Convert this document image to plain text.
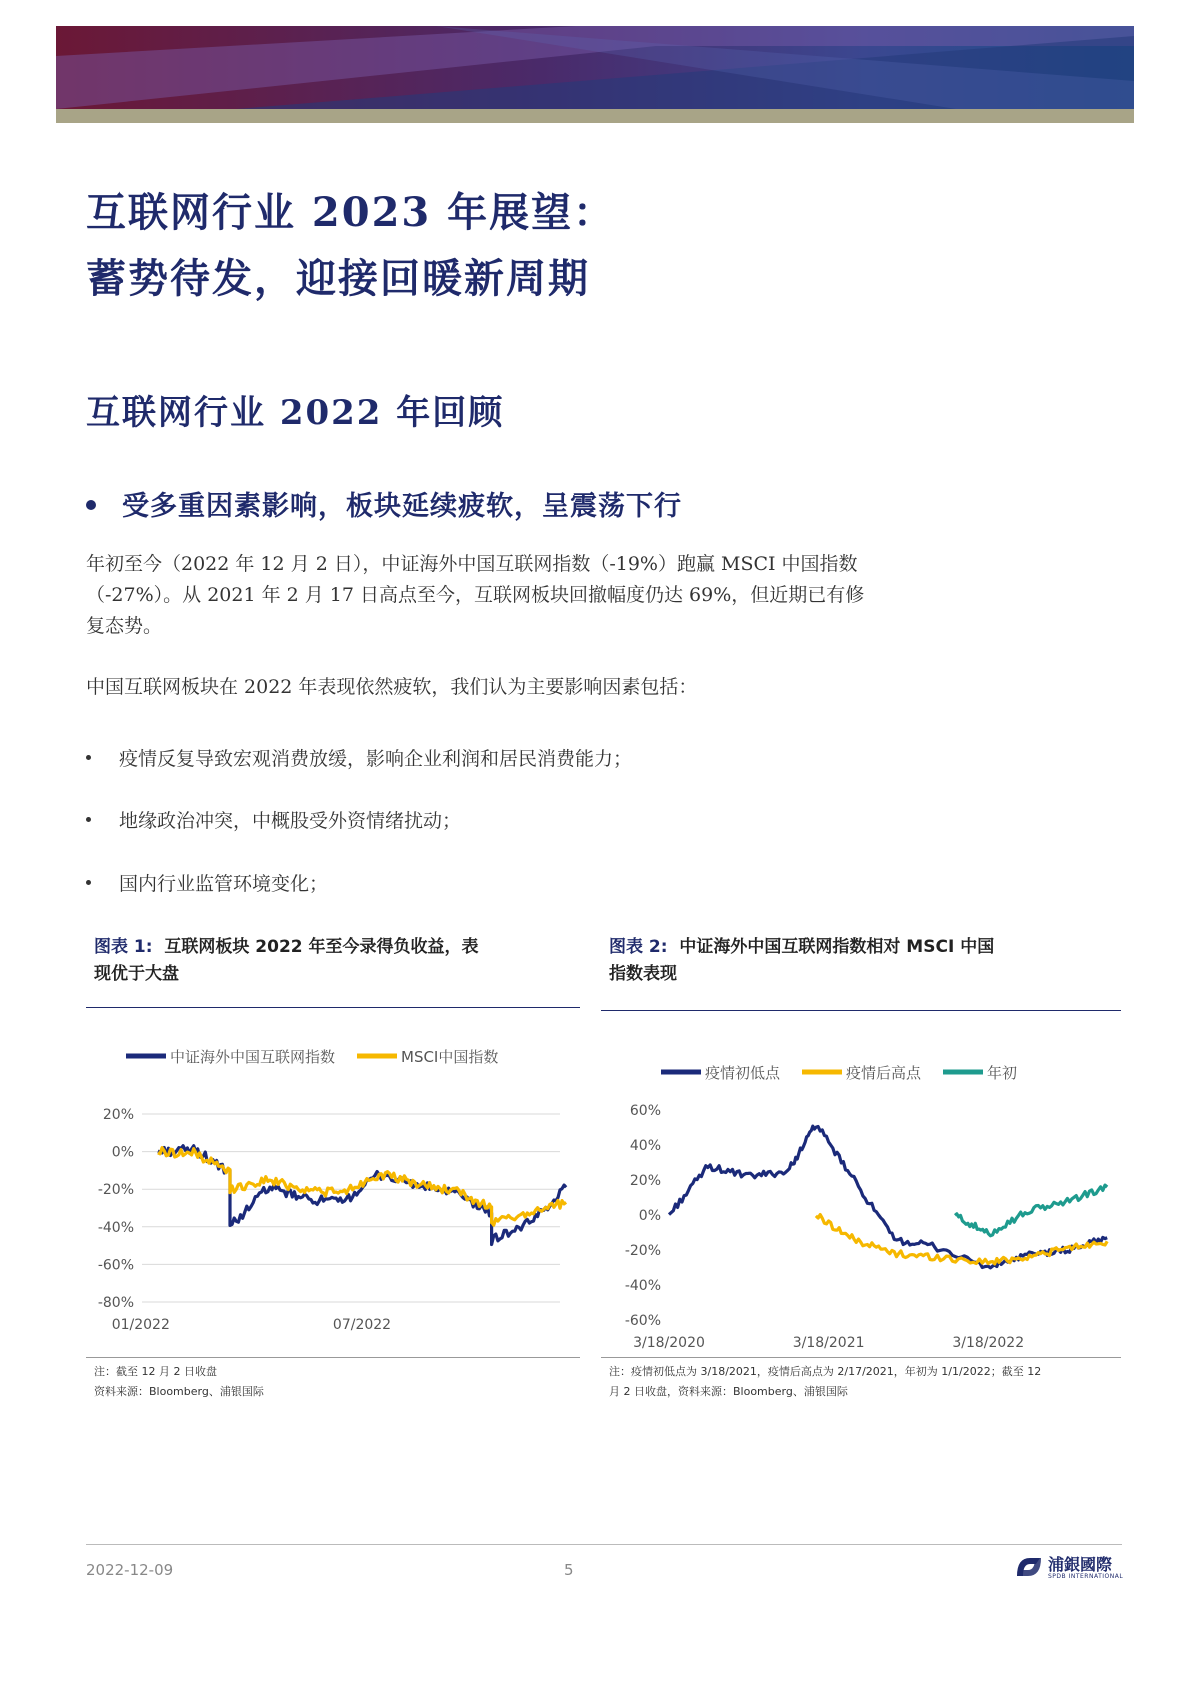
互联网行业 2023 年展望：
蓄势待发，迎接回暖新周期
互联网行业 2022 年回顾
受多重因素影响，板块延续疲软，呈震荡下行

年初至今（2022 年 12 月 2 日），中证海外中国互联网指数（-19%）跑赢 MSCI 中国指数（-27%）。从 2021 年 2 月 17 日高点至今，互联网板块回撤幅度仍达 69%，但近期已有修复态势。

中国互联网板块在 2022 年表现依然疲软，我们认为主要影响因素包括：

疫情反复导致宏观消费放缓，影响企业利润和居民消费能力；
地缘政治冲突，中概股受外资情绪扰动；
国内行业监管环境变化；
图表 1: 互联网板块 2022 年至今录得负收益，表
现优于大盘
图表 2: 中证海外中国互联网指数相对 MSCI 中国
指数表现
中证海外中国互联网指数	MSCI中国指数
20%
0%
-20%
-40%
-60%
-80%
01/2022	07/2022
疫情初低点	疫情后高点	年初
60%
40%
20%
0%
-20%
-40%
-60%
3/18/2020	3/18/2021	3/18/2022
注：截至 12 月 2 日收盘
资料来源：Bloomberg、浦银国际
注：疫情初低点为 3/18/2021，疫情后高点为 2/17/2021，年初为 1/1/2022；截至 12
月 2 日收盘，资料来源：Bloomberg、浦银国际
2022-12-09	5	浦銀國際
SPDB INTERNATIONAL
